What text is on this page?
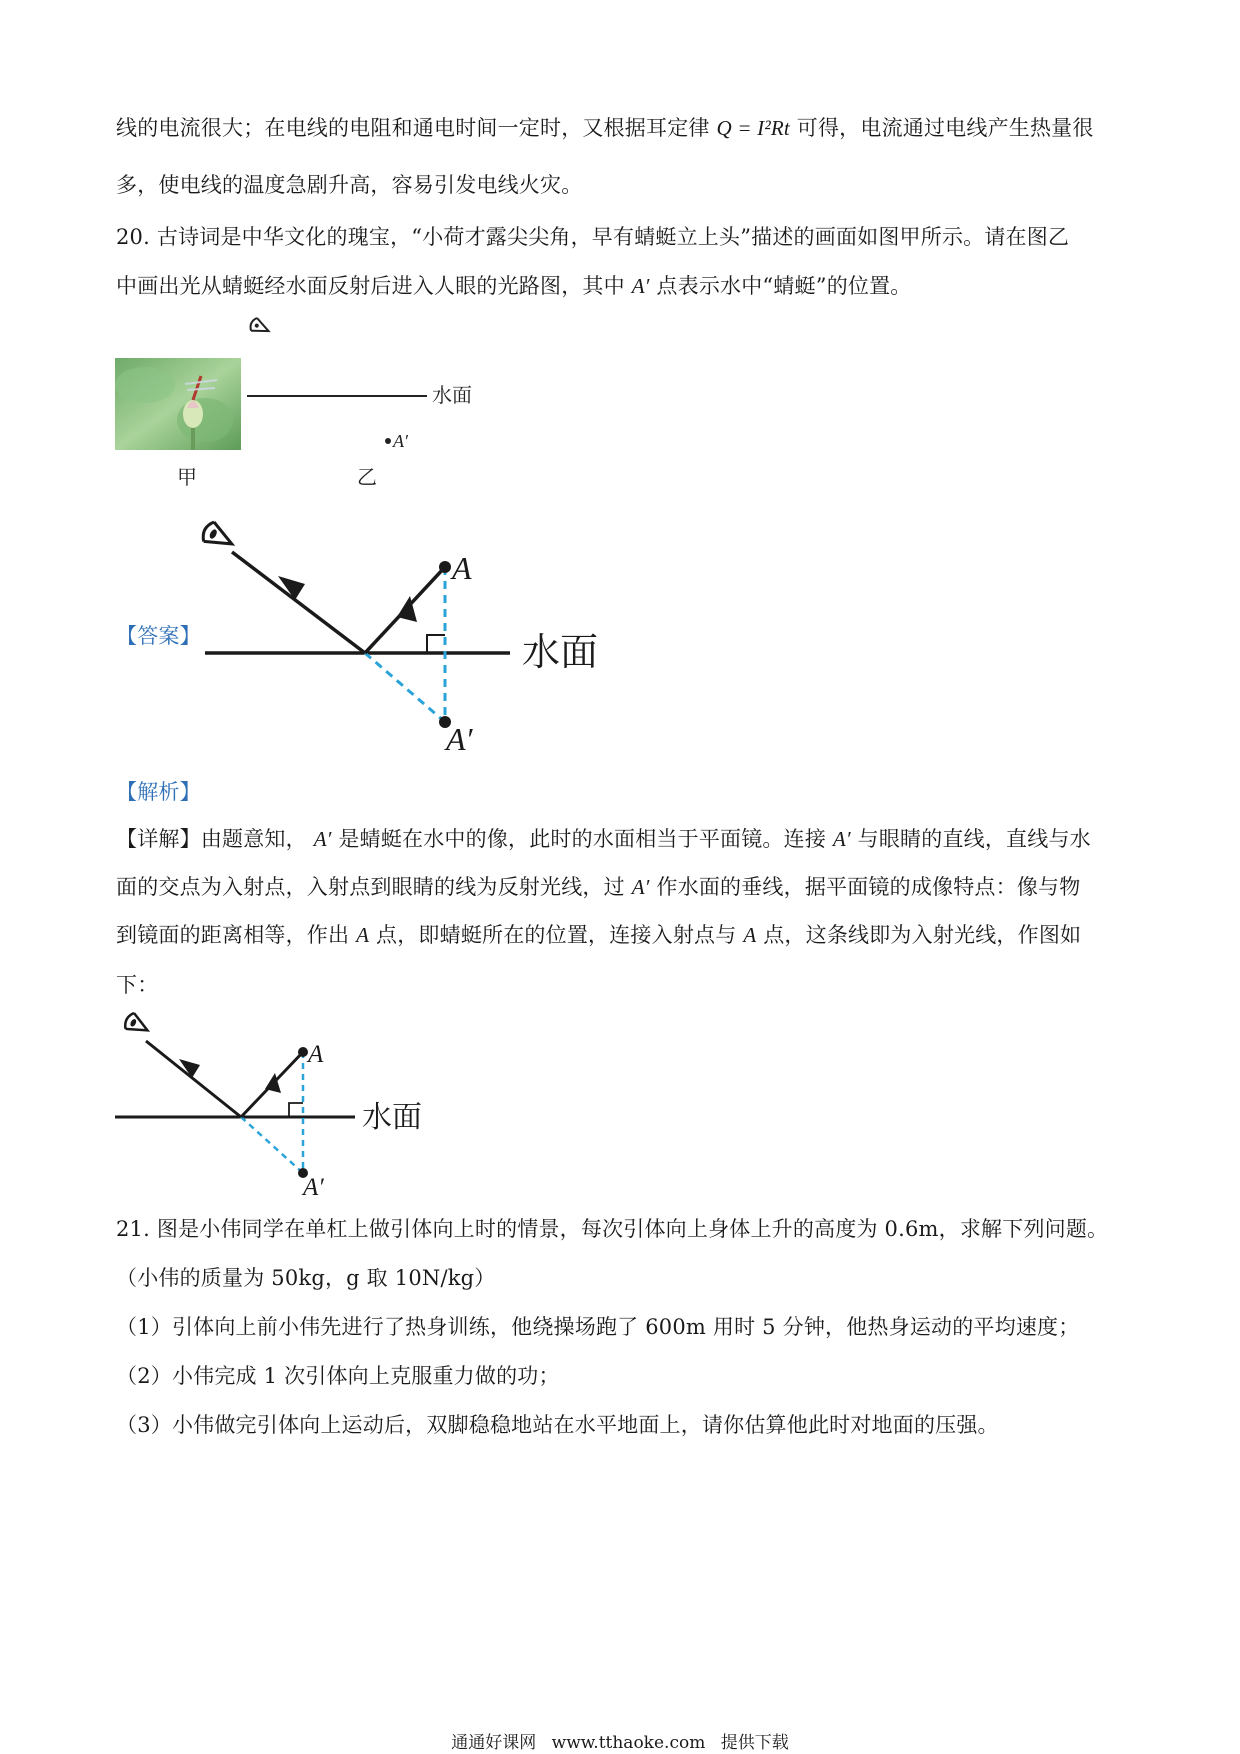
线的电流很大；在电线的电阻和通电时间一定时，又根据耳定律 Q = I²Rt 可得，电流通过电线产生热量很
多，使电线的温度急剧升高，容易引发电线火灾。
20. 古诗词是中华文化的瑰宝，“小荷才露尖尖角，早有蜻蜓立上头”描述的画面如图甲所示。请在图乙
中画出光从蜻蜓经水面反射后进入人眼的光路图，其中 A′ 点表示水中“蜻蜓”的位置。
水面
A′
甲	乙
【答案】	水面
A
A′
【解析】
【详解】由题意知， A′ 是蜻蜓在水中的像，此时的水面相当于平面镜。连接 A′ 与眼睛的直线，直线与水
面的交点为入射点，入射点到眼睛的线为反射光线，过 A′ 作水面的垂线，据平面镜的成像特点：像与物
到镜面的距离相等，作出 A 点，即蜻蜓所在的位置，连接入射点与 A 点，这条线即为入射光线，作图如
下：
水面
A
A′
21. 图是小伟同学在单杠上做引体向上时的情景，每次引体向上身体上升的高度为 0.6m，求解下列问题。
（小伟的质量为 50kg，g 取 10N/kg）
（1）引体向上前小伟先进行了热身训练，他绕操场跑了 600m 用时 5 分钟，他热身运动的平均速度；
（2）小伟完成 1 次引体向上克服重力做的功；
（3）小伟做完引体向上运动后，双脚稳稳地站在水平地面上，请你估算他此时对地面的压强。
通通好课网 www.tthaoke.com 提供下载
